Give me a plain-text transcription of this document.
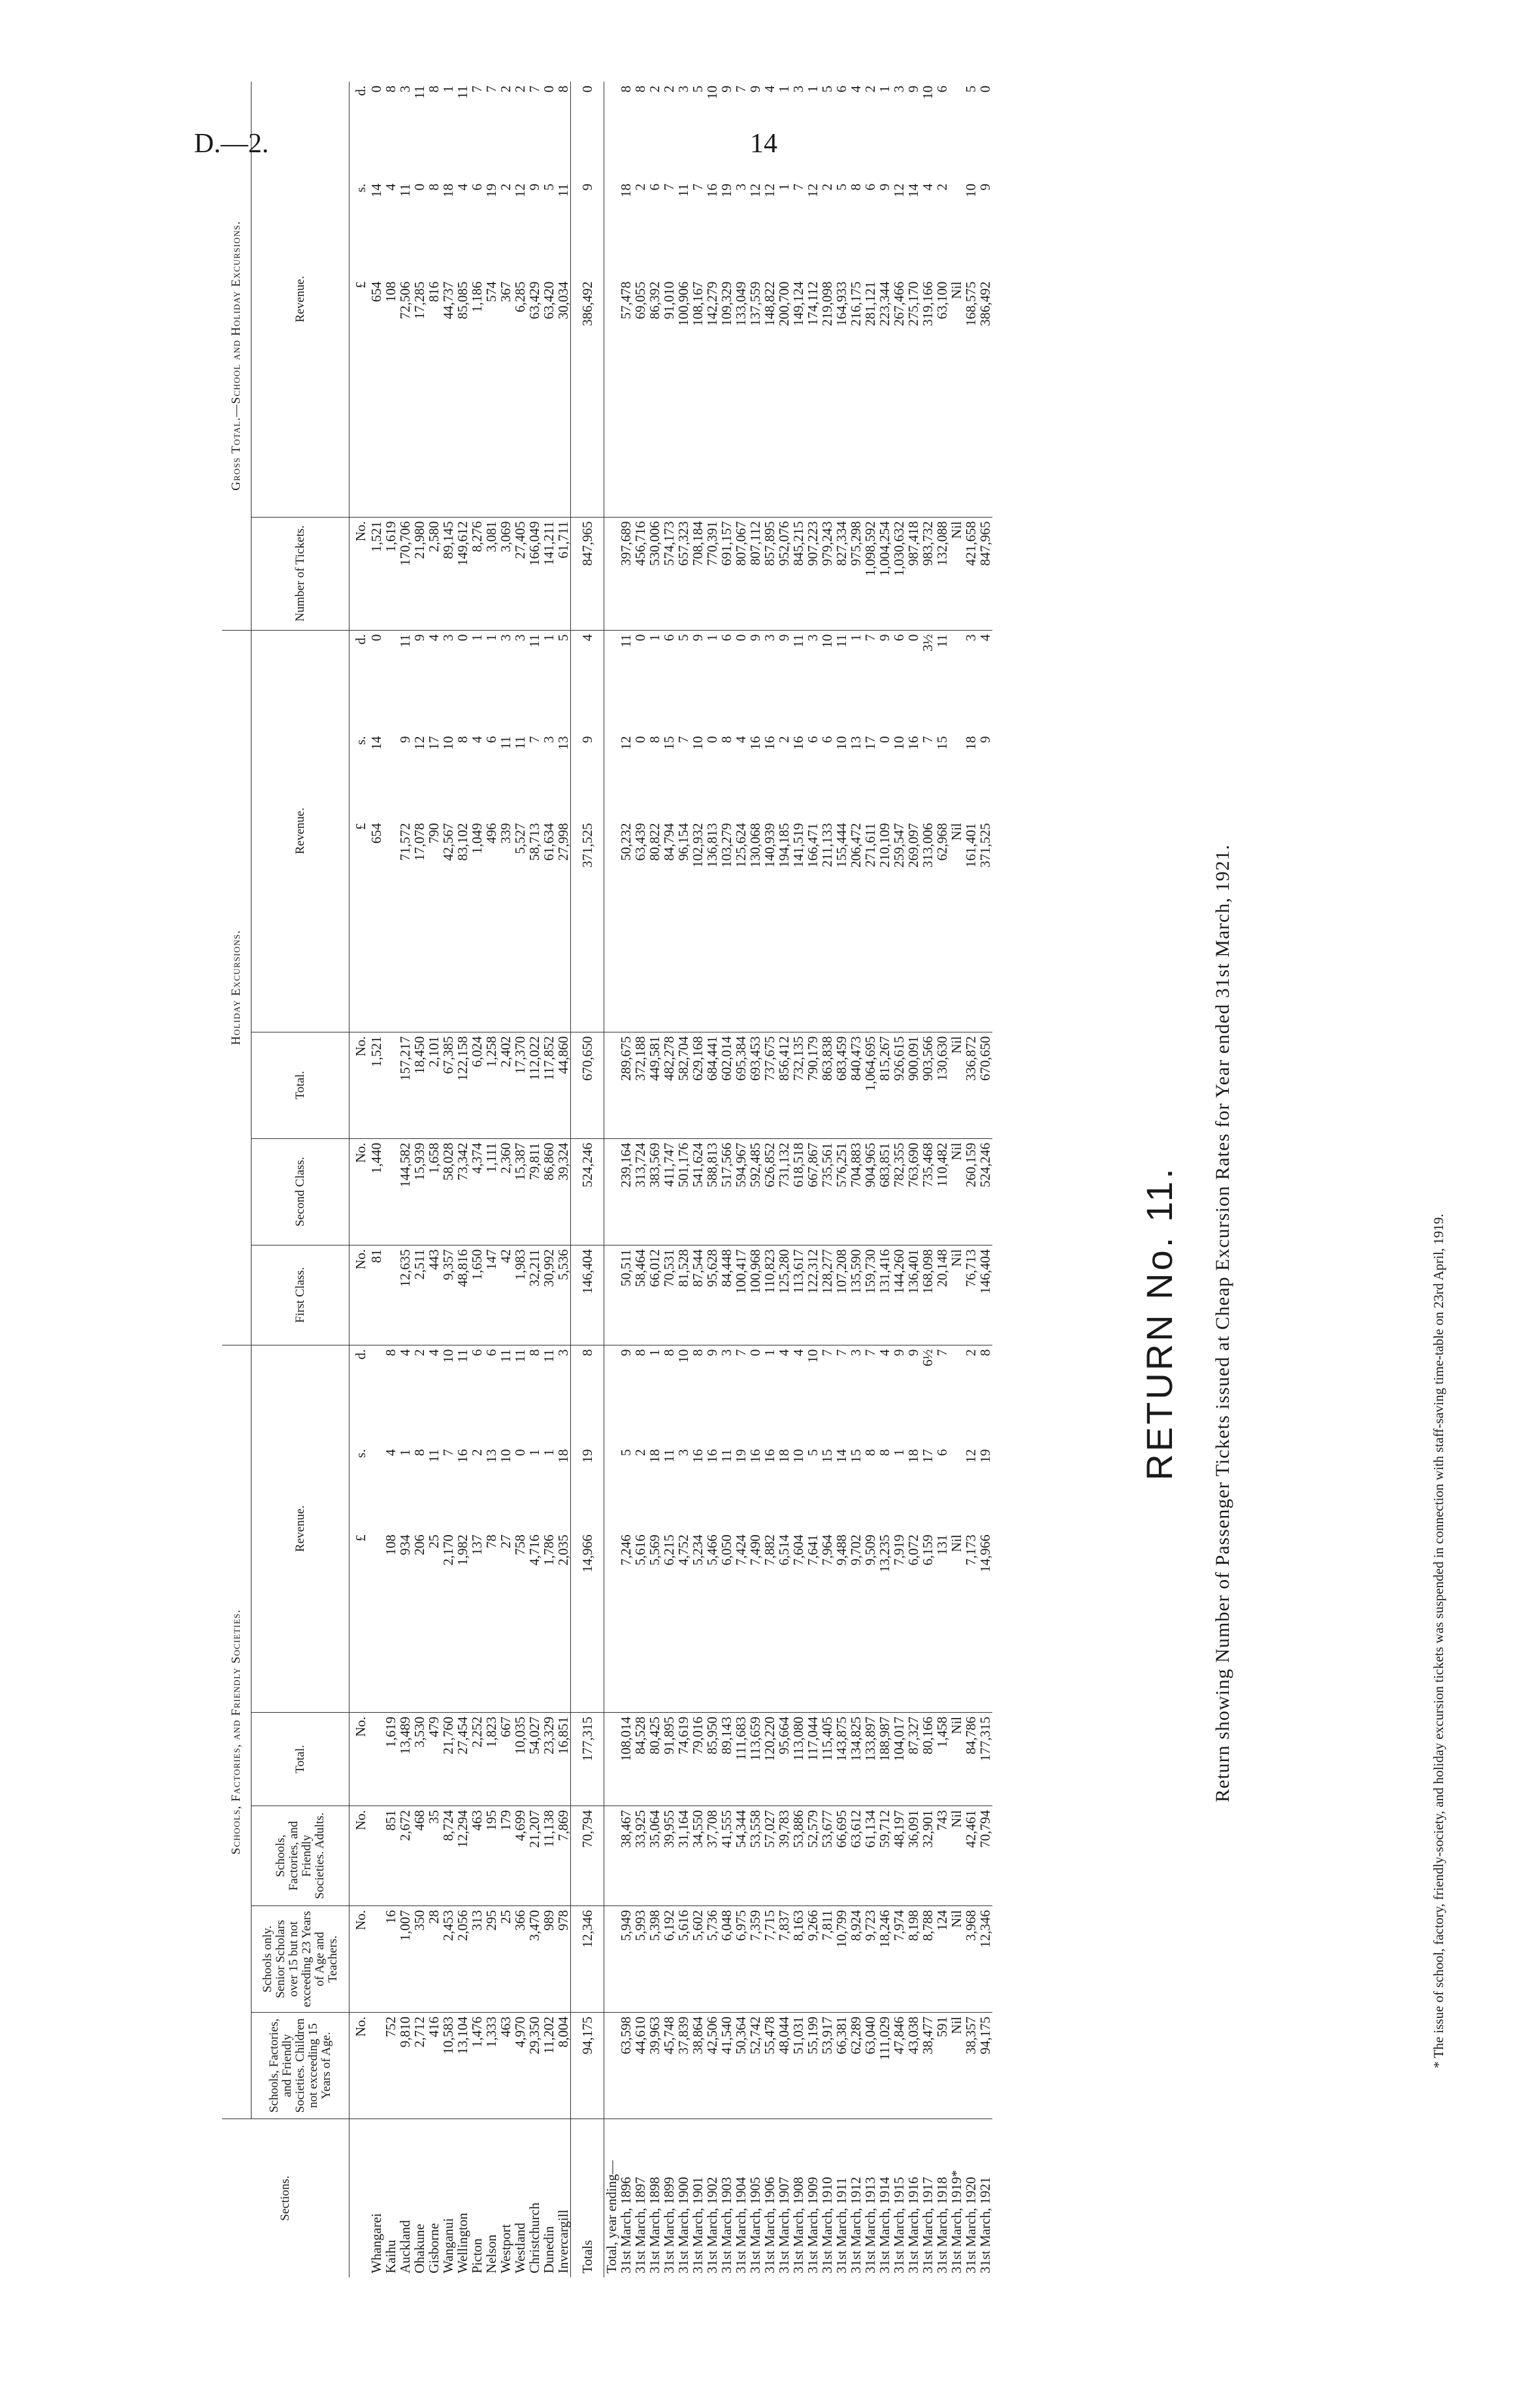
D.—2.	14
RETURN No. 11. Return showing Number of Passenger Tickets issued at Cheap Excursion Rates for Year ended 31st March, 1921.
Sections.	Schools, Factories, and Friendly Societies.							Holiday Excursions.						Gross Total.—School and Holiday Excursions.			
	Schools, Factories, and Friendly Societies. Children not exceeding 15 Years of Age.	Schools only. Senior Scholars over 15 but not exceeding 23 Years of Age and Teachers.	Schools, Factories, and Friendly Societies. Adults.	Total.	Revenue.			First Class.	Second Class.	Total.	Revenue.			Number of Tickets.	Revenue.		
	No.	No.	No.	No.	£	s.	d.	No.	No.	No.	£	s.	d.	No.	£	s.	d.
Whangarei								81	1,440	1,521	654	14	0	1,521	654	14	0
Kaihu	752	16	851	1,619	108	4	8							1,619	108	4	8
Auckland	9,810	1,007	2,672	13,489	934	1	4	12,635	144,582	157,217	71,572	9	11	170,706	72,506	11	3
Ohakune	2,712	350	468	3,530	206	8	2	2,511	15,939	18,450	17,078	12	9	21,980	17,285	0	11
Gisborne	416	28	35	479	25	11	4	443	1,658	2,101	790	17	4	2,580	816	8	8
Wanganui	10,583	2,453	8,724	21,760	2,170	7	10	9,357	58,028	67,385	42,567	10	3	89,145	44,737	18	1
Wellington	13,104	2,056	12,294	27,454	1,982	16	11	48,816	73,342	122,158	83,102	8	0	149,612	85,085	4	11
Picton	1,476	313	463	2,252	137	2	6	1,650	4,374	6,024	1,049	4	1	8,276	1,186	6	7
Nelson	1,333	295	195	1,823	78	13	6	147	1,111	1,258	496	6	1	3,081	574	19	7
Westport	463	25	179	667	27	10	11	42	2,360	2,402	339	11	3	3,069	367	2	2
Westland	4,970	366	4,699	10,035	758	0	11	1,983	15,387	17,370	5,527	11	3	27,405	6,285	12	2
Christchurch	29,350	3,470	21,207	54,027	4,716	1	8	32,211	79,811	112,022	58,713	7	11	166,049	63,429	9	7
Dunedin	11,202	989	11,138	23,329	1,786	1	11	30,992	86,860	117,852	61,634	3	1	141,211	63,420	5	0
Invercargill	8,004	978	7,869	16,851	2,035	18	3	5,536	39,324	44,860	27,998	13	5	61,711	30,034	11	8
Totals	94,175	12,346	70,794	177,315	14,966	19	8	146,404	524,246	670,650	371,525	9	4	847,965	386,492	9	0
Total, year ending—																	
31st March, 1896	63,598	5,949	38,467	108,014	7,246	5	9	50,511	239,164	289,675	50,232	12	11	397,689	57,478	18	8
31st March, 1897	44,610	5,993	33,925	84,528	5,616	2	8	58,464	313,724	372,188	63,439	0	0	456,716	69,055	2	8
31st March, 1898	39,963	5,398	35,064	80,425	5,569	18	1	66,012	383,569	449,581	80,822	8	1	530,006	86,392	6	2
31st March, 1899	45,748	6,192	39,955	91,895	6,215	11	8	70,531	411,747	482,278	84,794	15	6	574,173	91,010	7	2
31st March, 1900	37,839	5,616	31,164	74,619	4,752	3	10	81,528	501,176	582,704	96,154	7	5	657,323	100,906	11	3
31st March, 1901	38,864	5,602	34,550	79,016	5,234	16	8	87,544	541,624	629,168	102,932	10	9	708,184	108,167	7	5
31st March, 1902	42,506	5,736	37,708	85,950	5,466	16	9	95,628	588,813	684,441	136,813	0	1	770,391	142,279	16	10
31st March, 1903	41,540	6,048	41,555	89,143	6,050	11	3	84,448	517,566	602,014	103,279	8	6	691,157	109,329	19	9
31st March, 1904	50,364	6,975	54,344	111,683	7,424	19	7	100,417	594,967	695,384	125,624	4	0	807,067	133,049	3	7
31st March, 1905	52,742	7,359	53,558	113,659	7,490	16	0	100,968	592,485	693,453	130,068	16	9	807,112	137,559	12	9
31st March, 1906	55,478	7,715	57,027	120,220	7,882	16	1	110,823	626,852	737,675	140,939	16	3	857,895	148,822	12	4
31st March, 1907	48,044	7,837	39,783	95,664	6,514	18	4	125,280	731,132	856,412	194,185	2	9	952,076	200,700	1	1
31st March, 1908	51,031	8,163	53,886	113,080	7,604	10	4	113,617	618,518	732,135	141,519	16	11	845,215	149,124	7	3
31st March, 1909	55,199	9,266	52,579	117,044	7,641	5	10	122,312	667,867	790,179	166,471	6	3	907,223	174,112	12	1
31st March, 1910	53,917	7,811	53,677	115,405	7,964	15	7	128,277	735,561	863,838	211,133	6	10	979,243	219,098	2	5
31st March, 1911	66,381	10,799	66,695	143,875	9,488	14	7	107,208	576,251	683,459	155,444	10	11	827,334	164,933	5	6
31st March, 1912	62,289	8,924	63,612	134,825	9,702	15	3	135,590	704,883	840,473	206,472	13	1	975,298	216,175	8	4
31st March, 1913	63,040	9,723	61,134	133,897	9,509	8	7	159,730	904,965	1,064,695	271,611	17	7	1,098,592	281,121	6	2
31st March, 1914	111,029	18,246	59,712	188,987	13,235	8	4	131,416	683,851	815,267	210,109	0	9	1,004,254	223,344	9	1
31st March, 1915	47,846	7,974	48,197	104,017	7,919	1	9	144,260	782,355	926,615	259,547	10	6	1,030,632	267,466	12	3
31st March, 1916	43,038	8,198	36,091	87,327	6,072	18	9	136,401	763,690	900,091	269,097	16	0	987,418	275,170	14	9
31st March, 1917	38,477	8,788	32,901	80,166	6,159	17	6½	168,098	735,468	903,566	313,006	7	3½	983,732	319,166	4	10
31st March, 1918	591	124	743	1,458	131	6	7	20,148	110,482	130,630	62,968	15	11	132,088	63,100	2	6
31st March, 1919*	Nil	Nil	Nil	Nil	Nil			Nil	Nil	Nil	Nil			Nil	Nil		
31st March, 1920	38,357	3,968	42,461	84,786	7,173	12	2	76,713	260,159	336,872	161,401	18	3	421,658	168,575	10	5
31st March, 1921	94,175	12,346	70,794	177,315	14,966	19	8	146,404	524,246	670,650	371,525	9	4	847,965	386,492	9	0
* The issue of school, factory, friendly-society, and holiday excursion tickets was suspended in connection with staff-saving time-table on 23rd April, 1919.
